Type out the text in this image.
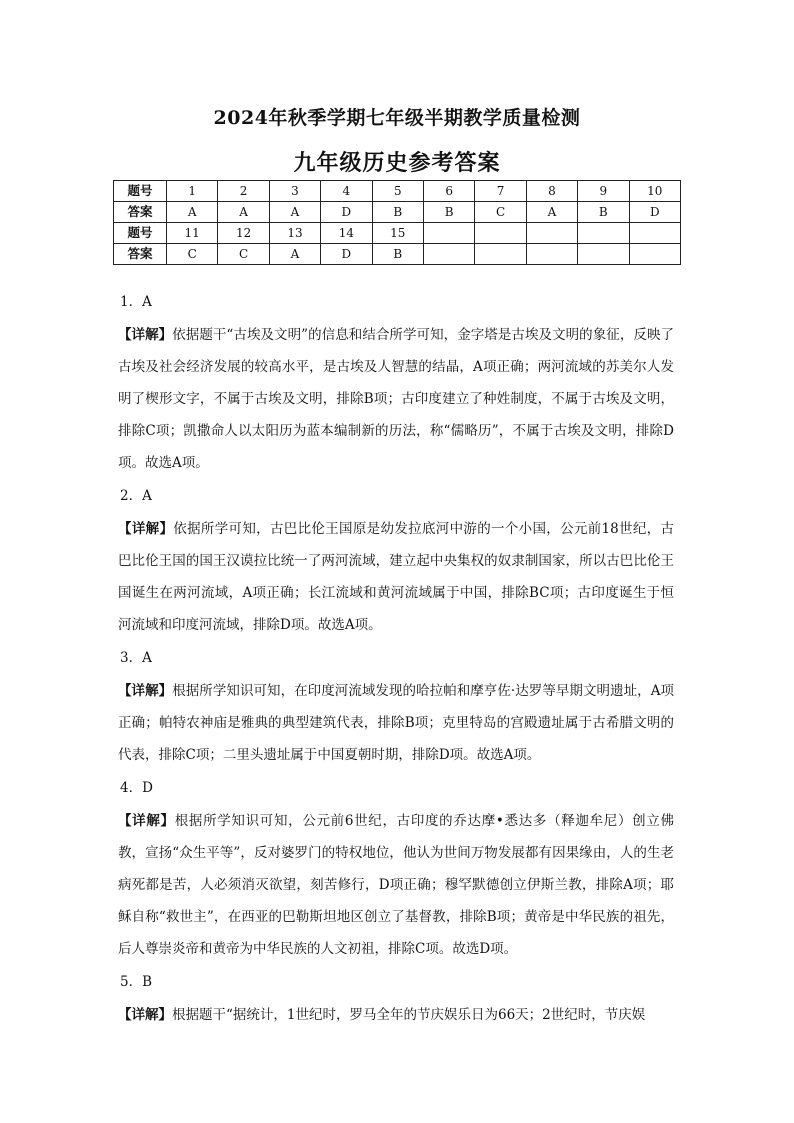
2024年秋季学期七年级半期教学质量检测
九年级历史参考答案
题号	1	2	3	4	5	6	7	8	9	10
答案	A	A	A	D	B	B	C	A	B	D
题号	11	12	13	14	15					
答案	C	C	A	D	B					
1．A
【详解】依据题干“古埃及文明”的信息和结合所学可知，金字塔是古埃及文明的象征，反映了古埃及社会经济发展的较高水平，是古埃及人智慧的结晶，A项正确；两河流域的苏美尔人发明了楔形文字，不属于古埃及文明，排除B项；古印度建立了种姓制度，不属于古埃及文明，排除C项；凯撒命人以太阳历为蓝本编制新的历法，称“儒略历”，不属于古埃及文明，排除D项。故选A项。
2．A
【详解】依据所学可知，古巴比伦王国原是幼发拉底河中游的一个小国，公元前18世纪，古巴比伦王国的国王汉谟拉比统一了两河流域，建立起中央集权的奴隶制国家，所以古巴比伦王国诞生在两河流域，A项正确；长江流域和黄河流域属于中国，排除BC项；古印度诞生于恒河流域和印度河流域，排除D项。故选A项。
3．A
【详解】根据所学知识可知，在印度河流域发现的哈拉帕和摩亨佐·达罗等早期文明遗址，A项正确；帕特农神庙是雅典的典型建筑代表，排除B项；克里特岛的宫殿遗址属于古希腊文明的代表，排除C项；二里头遗址属于中国夏朝时期，排除D项。故选A项。
4．D
【详解】根据所学知识可知，公元前6世纪，古印度的乔达摩•悉达多（释迦牟尼）创立佛教，宣扬“众生平等”，反对婆罗门的特权地位，他认为世间万物发展都有因果缘由，人的生老病死都是苦，人必须消灭欲望，刻苦修行，D项正确；穆罕默德创立伊斯兰教，排除A项；耶稣自称“救世主”，在西亚的巴勒斯坦地区创立了基督教，排除B项；黄帝是中华民族的祖先，后人尊崇炎帝和黄帝为中华民族的人文初祖，排除C项。故选D项。
5．B
【详解】根据题干“据统计，1世纪时，罗马全年的节庆娱乐日为66天；2世纪时，节庆娱
